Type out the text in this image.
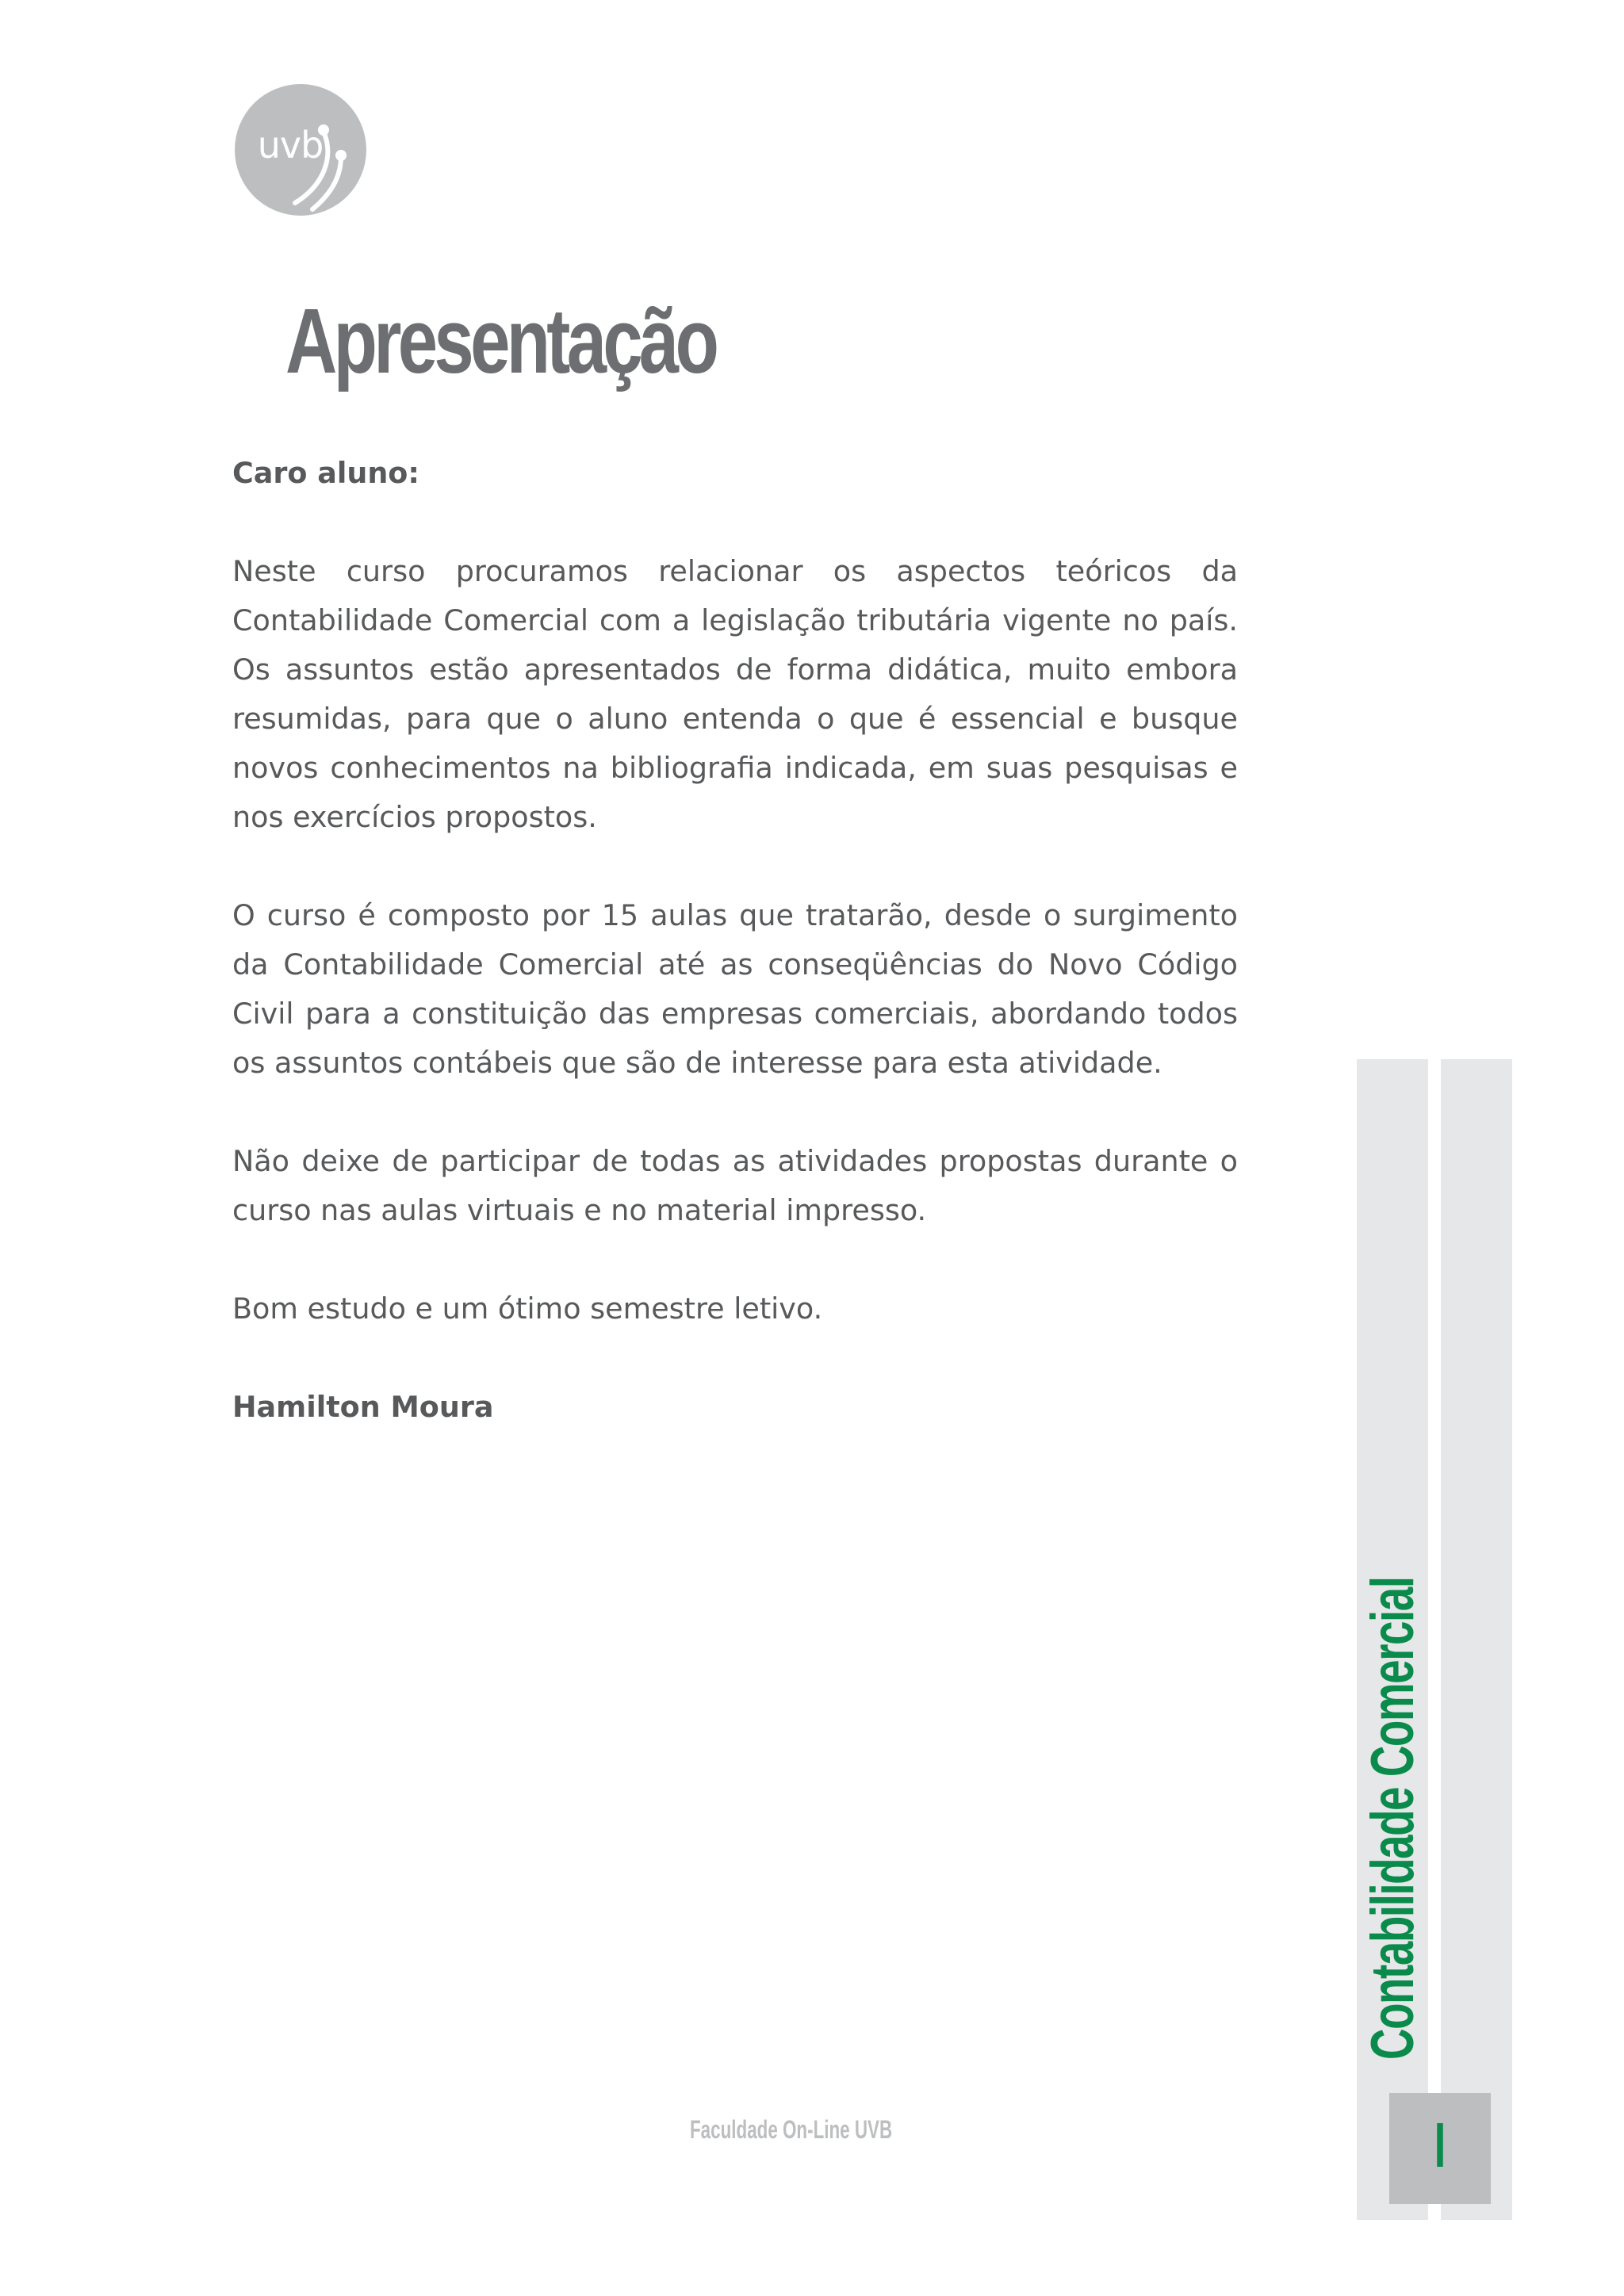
uvb
Apresentação

Caro aluno:

Neste curso procuramos relacionar os aspectos teóricos da Contabilidade Comercial com a legislação tributária vigente no país. Os assuntos estão apresentados de forma didática, muito embora resumidas, para que o aluno entenda o que é essencial e busque novos conhecimentos na bibliografia indicada, em suas pesquisas e nos exercícios propostos.

O curso é composto por 15 aulas que tratarão, desde o surgimento da Contabilidade Comercial até as conseqüências do Novo Código Civil para a constituição das empresas comerciais, abordando todos os assuntos contábeis que são de interesse para esta atividade.

Não deixe de participar de todas as atividades propostas durante o curso nas aulas virtuais e no material impresso.

Bom estudo e um ótimo semestre letivo.

Hamilton Moura

Contabilidade Comercial
I
Faculdade On-Line UVB
